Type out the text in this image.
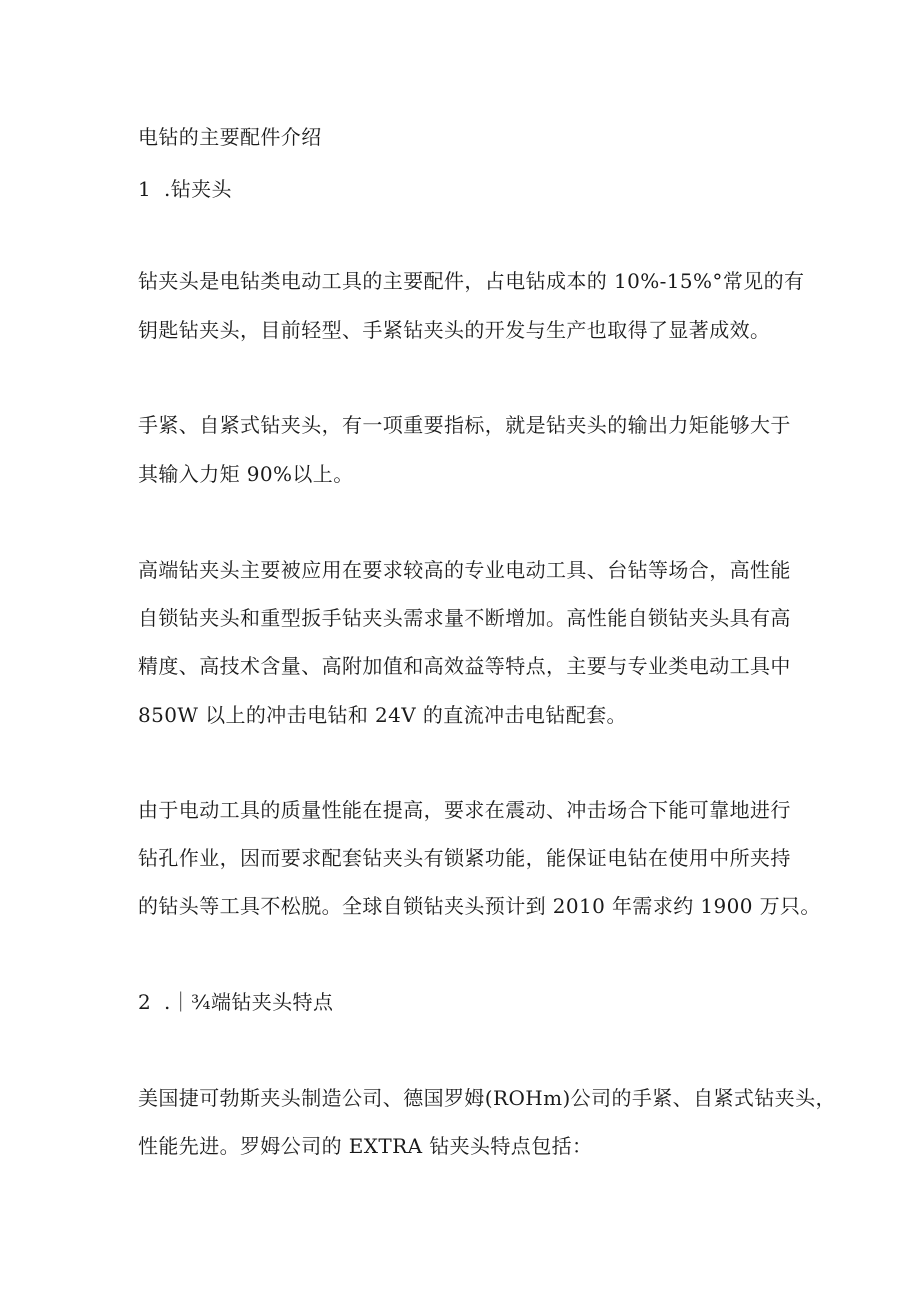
电钻的主要配件介绍
1 .钻夹头
钻夹头是电钻类电动工具的主要配件，占电钻成本的 10%-15%°常见的有
钥匙钻夹头，目前轻型、手紧钻夹头的开发与生产也取得了显著成效。
手紧、自紧式钻夹头，有一项重要指标，就是钻夹头的输出力矩能够大于
其输入力矩 90%以上。
高端钻夹头主要被应用在要求较高的专业电动工具、台钻等场合，高性能
自锁钻夹头和重型扳手钻夹头需求量不断增加。高性能自锁钻夹头具有高
精度、高技术含量、高附加值和高效益等特点，主要与专业类电动工具中
850W 以上的冲击电钻和 24V 的直流冲击电钻配套。
由于电动工具的质量性能在提高，要求在震动、冲击场合下能可靠地进行
钻孔作业，因而要求配套钻夹头有锁紧功能，能保证电钻在使用中所夹持
的钻头等工具不松脱。全球自锁钻夹头预计到 2010 年需求约 1900 万只。
2 .｜¾端钻夹头特点
美国捷可勃斯夹头制造公司、德国罗姆(ROHm)公司的手紧、自紧式钻夹头，
性能先进。罗姆公司的 EXTRA 钻夹头特点包括：
